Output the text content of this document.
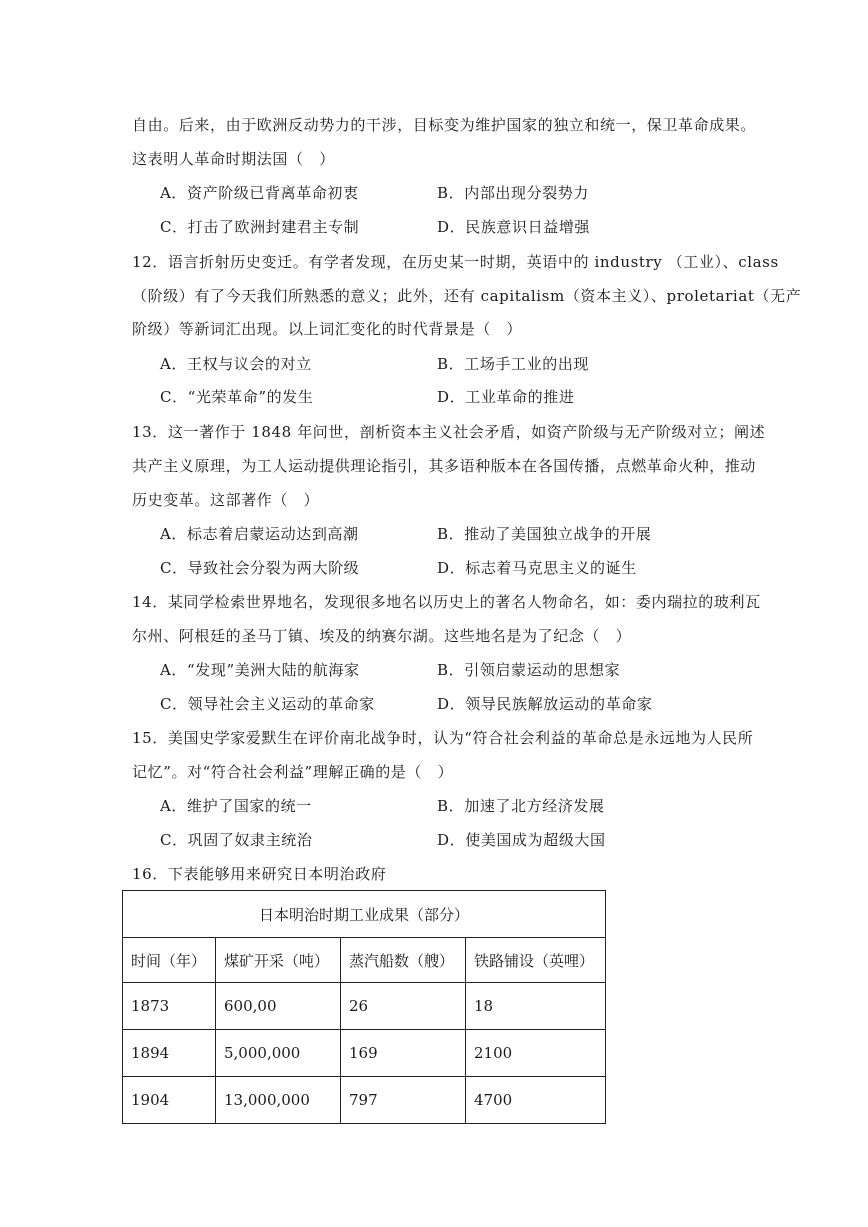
自由。后来，由于欧洲反动势力的干涉，目标变为维护国家的独立和统一，保卫革命成果。
这表明人革命时期法国（　）
A．资产阶级已背离革命初衷	B．内部出现分裂势力
C．打击了欧洲封建君主专制	D．民族意识日益增强
12．语言折射历史变迁。有学者发现，在历史某一时期，英语中的 industry （工业）、class
（阶级）有了今天我们所熟悉的意义；此外，还有 capitalism（资本主义）、proletariat（无产
阶级）等新词汇出现。以上词汇变化的时代背景是（　）
A．王权与议会的对立	B．工场手工业的出现
C．“光荣革命”的发生	D．工业革命的推进
13．这一著作于 1848 年问世，剖析资本主义社会矛盾，如资产阶级与无产阶级对立；阐述
共产主义原理，为工人运动提供理论指引，其多语种版本在各国传播，点燃革命火种，推动
历史变革。这部著作（　）
A．标志着启蒙运动达到高潮	B．推动了美国独立战争的开展
C．导致社会分裂为两大阶级	D．标志着马克思主义的诞生
14．某同学检索世界地名，发现很多地名以历史上的著名人物命名，如：委内瑞拉的玻利瓦
尔州、阿根廷的圣马丁镇、埃及的纳赛尔湖。这些地名是为了纪念（　）
A．“发现”美洲大陆的航海家	B．引领启蒙运动的思想家
C．领导社会主义运动的革命家	D．领导民族解放运动的革命家
15．美国史学家爱默生在评价南北战争时，认为“符合社会利益的革命总是永远地为人民所
记忆”。对“符合社会利益”理解正确的是（　）
A．维护了国家的统一	B．加速了北方经济发展
C．巩固了奴隶主统治	D．使美国成为超级大国
16．下表能够用来研究日本明治政府
日本明治时期工业成果（部分）			
时间（年）	煤矿开采（吨）	蒸汽船数（艘）	铁路铺设（英哩）
1873	600,00	26	18
1894	5,000,000	169	2100
1904	13,000,000	797	4700
